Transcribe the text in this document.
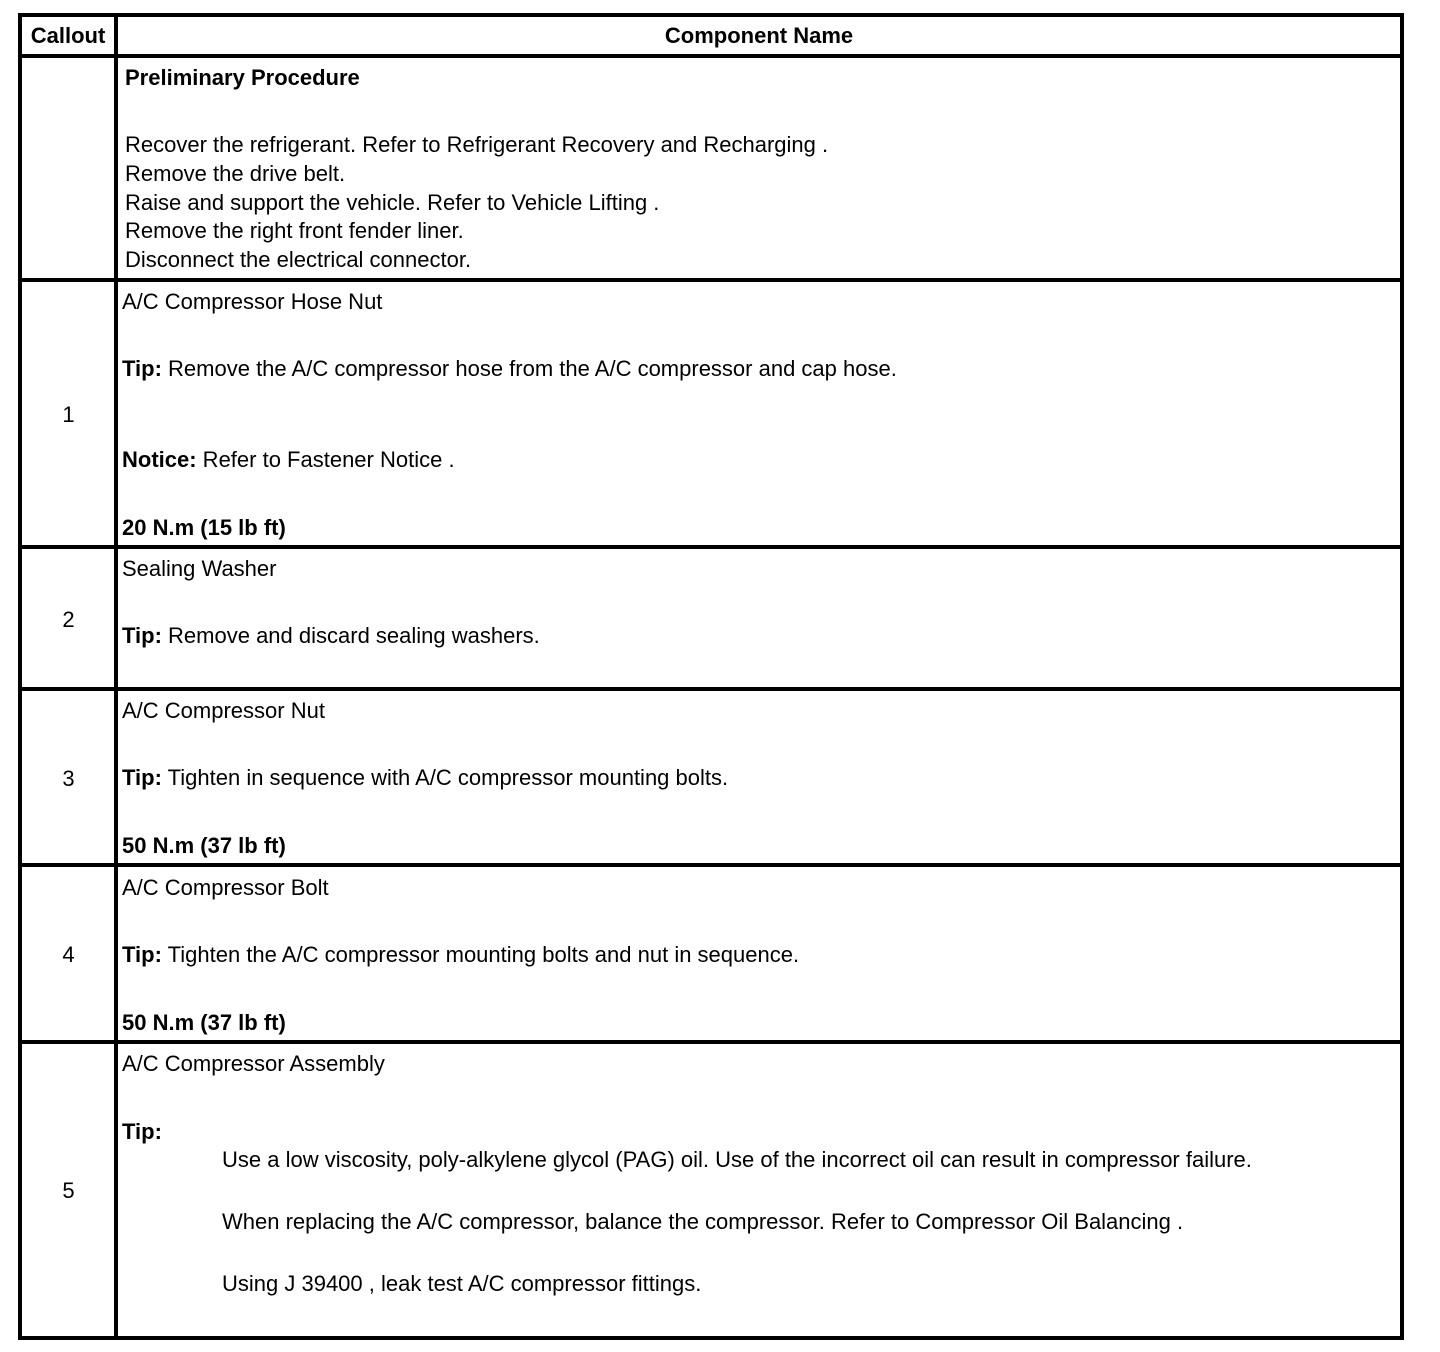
Callout	Component Name
Preliminary Procedure
Recover the refrigerant. Refer to Refrigerant Recovery and Recharging .
Remove the drive belt.
Raise and support the vehicle. Refer to Vehicle Lifting .
Remove the right front fender liner.
Disconnect the electrical connector.
1
A/C Compressor Hose Nut
Tip: Remove the A/C compressor hose from the A/C compressor and cap hose.
Notice: Refer to Fastener Notice .
20 N.m (15 lb ft)
2
Sealing Washer
Tip: Remove and discard sealing washers.
3
A/C Compressor Nut
Tip: Tighten in sequence with A/C compressor mounting bolts.
50 N.m (37 lb ft)
4
A/C Compressor Bolt
Tip: Tighten the A/C compressor mounting bolts and nut in sequence.
50 N.m (37 lb ft)
5
A/C Compressor Assembly
Tip:
Use a low viscosity, poly-alkylene glycol (PAG) oil. Use of the incorrect oil can result in compressor failure.
When replacing the A/C compressor, balance the compressor. Refer to Compressor Oil Balancing .
Using J 39400 , leak test A/C compressor fittings.
